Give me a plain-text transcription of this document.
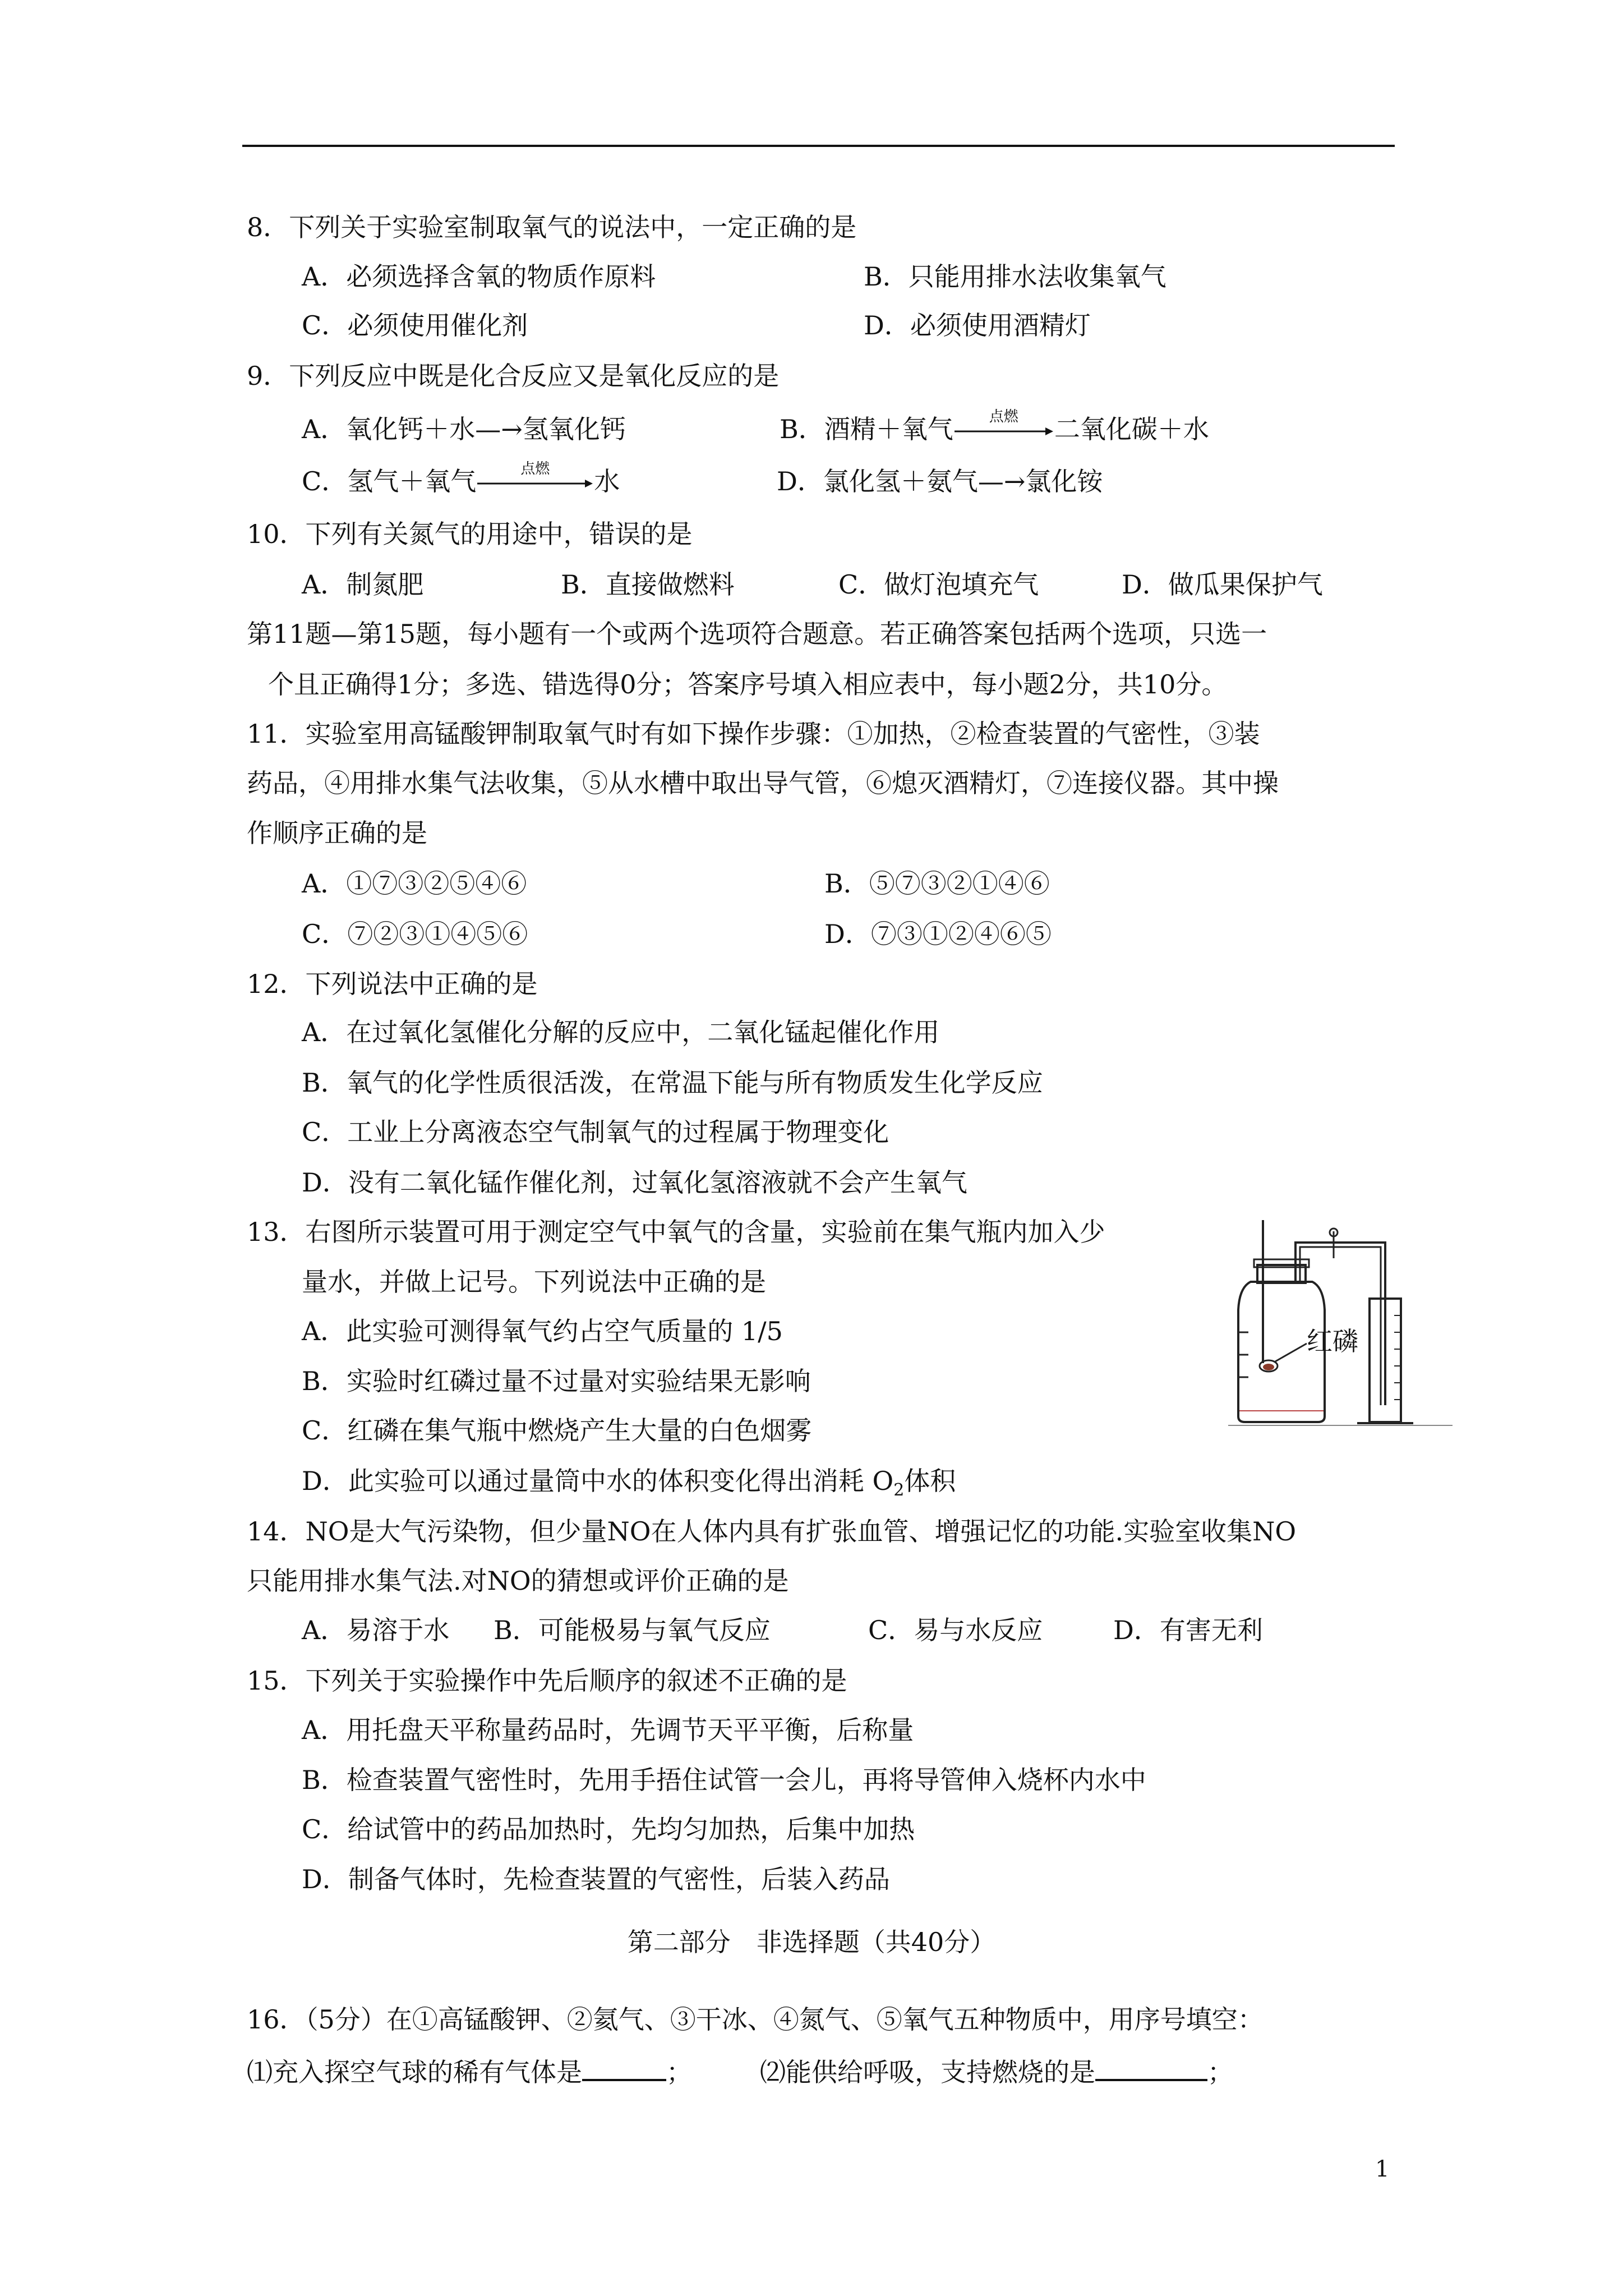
8．下列关于实验室制取氧气的说法中，一定正确的是
A．必须选择含氧的物质作原料	B．只能用排水法收集氧气
C．必须使用催化剂	D．必须使用酒精灯
9．下列反应中既是化合反应又是氧化反应的是
A．氧化钙＋水—→氢氧化钙	B．酒精＋氧气	点燃	二氧化碳＋水
C．氢气＋氧气	点燃	水	D．氯化氢＋氨气—→氯化铵
10．下列有关氮气的用途中，错误的是
A．制氮肥	B．直接做燃料	C．做灯泡填充气	D．做瓜果保护气
第11题—第15题，每小题有一个或两个选项符合题意。若正确答案包括两个选项，只选一
个且正确得1分；多选、错选得0分；答案序号填入相应表中，每小题2分，共10分。
11．实验室用高锰酸钾制取氧气时有如下操作步骤：①加热，②检查装置的气密性，③装
药品，④用排水集气法收集，⑤从水槽中取出导气管，⑥熄灭酒精灯，⑦连接仪器。其中操
作顺序正确的是
A．①⑦③②⑤④⑥	B．⑤⑦③②①④⑥
C．⑦②③①④⑤⑥	D．⑦③①②④⑥⑤
12．下列说法中正确的是
A．在过氧化氢催化分解的反应中，二氧化锰起催化作用
B．氧气的化学性质很活泼，在常温下能与所有物质发生化学反应
C．工业上分离液态空气制氧气的过程属于物理变化
D．没有二氧化锰作催化剂，过氧化氢溶液就不会产生氧气
13．右图所示装置可用于测定空气中氧气的含量，实验前在集气瓶内加入少
量水，并做上记号。下列说法中正确的是
A．此实验可测得氧气约占空气质量的 1/5
B．实验时红磷过量不过量对实验结果无影响
C．红磷在集气瓶中燃烧产生大量的白色烟雾
D．此实验可以通过量筒中水的体积变化得出消耗 $O_2$体积
红磷
14．NO是大气污染物，但少量NO在人体内具有扩张血管、增强记忆的功能.实验室收集NO
只能用排水集气法.对NO的猜想或评价正确的是
A．易溶于水 B．可能极易与氧气反应	C．易与水反应	D．有害无利
15．下列关于实验操作中先后顺序的叙述不正确的是
A．用托盘天平称量药品时，先调节天平平衡，后称量
B．检查装置气密性时，先用手捂住试管一会儿，再将导管伸入烧杯内水中
C．给试管中的药品加热时，先均匀加热，后集中加热
D．制备气体时，先检查装置的气密性，后装入药品
第二部分　非选择题（共40分）
16．（5分）在①高锰酸钾、②氦气、③干冰、④氮气、⑤氧气五种物质中，用序号填空：
⑴充入探空气球的稀有气体是	；	⑵能供给呼吸，支持燃烧的是	；
1
